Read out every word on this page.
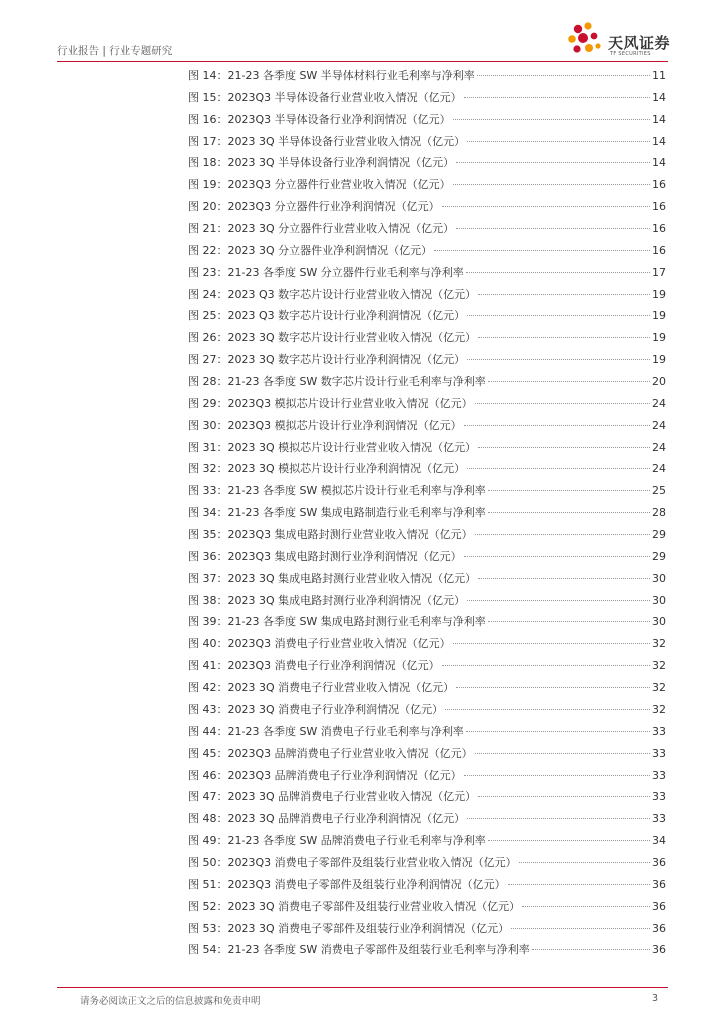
行业报告 | 行业专题研究	天风证券
TF SECURITIES
图 14：21-23 各季度 SW 半导体材料行业毛利率与净利率	11
图 15：2023Q3 半导体设备行业营业收入情况（亿元）	14
图 16：2023Q3 半导体设备行业净利润情况（亿元）	14
图 17：2023 3Q 半导体设备行业营业收入情况（亿元）	14
图 18：2023 3Q 半导体设备行业净利润情况（亿元）	14
图 19：2023Q3 分立器件行业营业收入情况（亿元）	16
图 20：2023Q3 分立器件行业净利润情况（亿元）	16
图 21：2023 3Q 分立器件行业营业收入情况（亿元）	16
图 22：2023 3Q 分立器件业净利润情况（亿元）	16
图 23：21-23 各季度 SW 分立器件行业毛利率与净利率	17
图 24：2023 Q3 数字芯片设计行业营业收入情况（亿元）	19
图 25：2023 Q3 数字芯片设计行业净利润情况（亿元）	19
图 26：2023 3Q 数字芯片设计行业营业收入情况（亿元）	19
图 27：2023 3Q 数字芯片设计行业净利润情况（亿元）	19
图 28：21-23 各季度 SW 数字芯片设计行业毛利率与净利率	20
图 29：2023Q3 模拟芯片设计行业营业收入情况（亿元）	24
图 30：2023Q3 模拟芯片设计行业净利润情况（亿元）	24
图 31：2023 3Q 模拟芯片设计行业营业收入情况（亿元）	24
图 32：2023 3Q 模拟芯片设计行业净利润情况（亿元）	24
图 33：21-23 各季度 SW 模拟芯片设计行业毛利率与净利率	25
图 34：21-23 各季度 SW 集成电路制造行业毛利率与净利率	28
图 35：2023Q3 集成电路封测行业营业收入情况（亿元）	29
图 36：2023Q3 集成电路封测行业净利润情况（亿元）	29
图 37：2023 3Q 集成电路封测行业营业收入情况（亿元）	30
图 38：2023 3Q 集成电路封测行业净利润情况（亿元）	30
图 39：21-23 各季度 SW 集成电路封测行业毛利率与净利率	30
图 40：2023Q3 消费电子行业营业收入情况（亿元）	32
图 41：2023Q3 消费电子行业净利润情况（亿元）	32
图 42：2023 3Q 消费电子行业营业收入情况（亿元）	32
图 43：2023 3Q 消费电子行业净利润情况（亿元）	32
图 44：21-23 各季度 SW 消费电子行业毛利率与净利率	33
图 45：2023Q3 品牌消费电子行业营业收入情况（亿元）	33
图 46：2023Q3 品牌消费电子行业净利润情况（亿元）	33
图 47：2023 3Q 品牌消费电子行业营业收入情况（亿元）	33
图 48：2023 3Q 品牌消费电子行业净利润情况（亿元）	33
图 49：21-23 各季度 SW 品牌消费电子行业毛利率与净利率	34
图 50：2023Q3 消费电子零部件及组装行业营业收入情况（亿元）	36
图 51：2023Q3 消费电子零部件及组装行业净利润情况（亿元）	36
图 52：2023 3Q 消费电子零部件及组装行业营业收入情况（亿元）	36
图 53：2023 3Q 消费电子零部件及组装行业净利润情况（亿元）	36
图 54：21-23 各季度 SW 消费电子零部件及组装行业毛利率与净利率	36
请务必阅读正文之后的信息披露和免责申明	3
